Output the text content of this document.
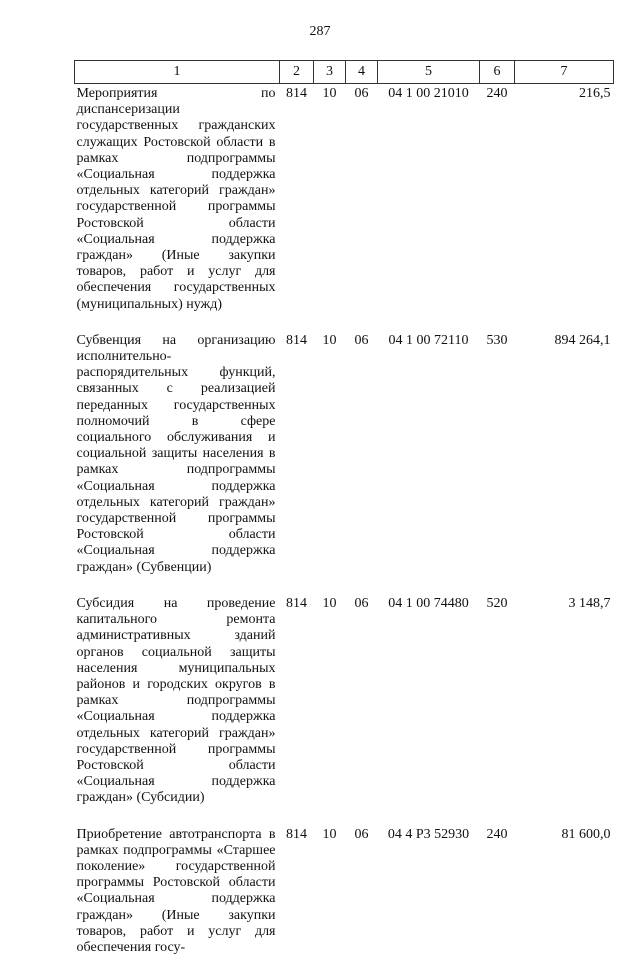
287
1	2	3	4	5	6	7
Мероприятия по диспансеризации государственных гражданских служащих Ростовской области в рамках подпрограммы «Социальная поддержка отдельных категорий граждан» государственной программы Ростовской области «Социальная поддержка граждан» (Иные закупки товаров, работ и услуг для обеспечения государственных (муниципальных) нужд)	814	10	06	04 1 00 21010	240	216,5
Субвенция на организацию исполнительно-распорядительных функций, связанных с реализацией переданных государственных полномочий в сфере социального обслуживания и социальной защиты населения в рамках подпрограммы «Социальная поддержка отдельных категорий граждан» государственной программы Ростовской области «Социальная поддержка граждан» (Субвенции)	814	10	06	04 1 00 72110	530	894 264,1
Субсидия на проведение капитального ремонта административных зданий органов социальной защиты населения муниципальных районов и городских округов в рамках подпрограммы «Социальная поддержка отдельных категорий граждан» государственной программы Ростовской области «Социальная поддержка граждан» (Субсидии)	814	10	06	04 1 00 74480	520	3 148,7
Приобретение автотранспорта в рамках подпрограммы «Старшее поколение» государственной программы Ростовской области «Социальная поддержка граждан» (Иные закупки товаров, работ и услуг для обеспечения госу-	814	10	06	04 4 P3 52930	240	81 600,0
